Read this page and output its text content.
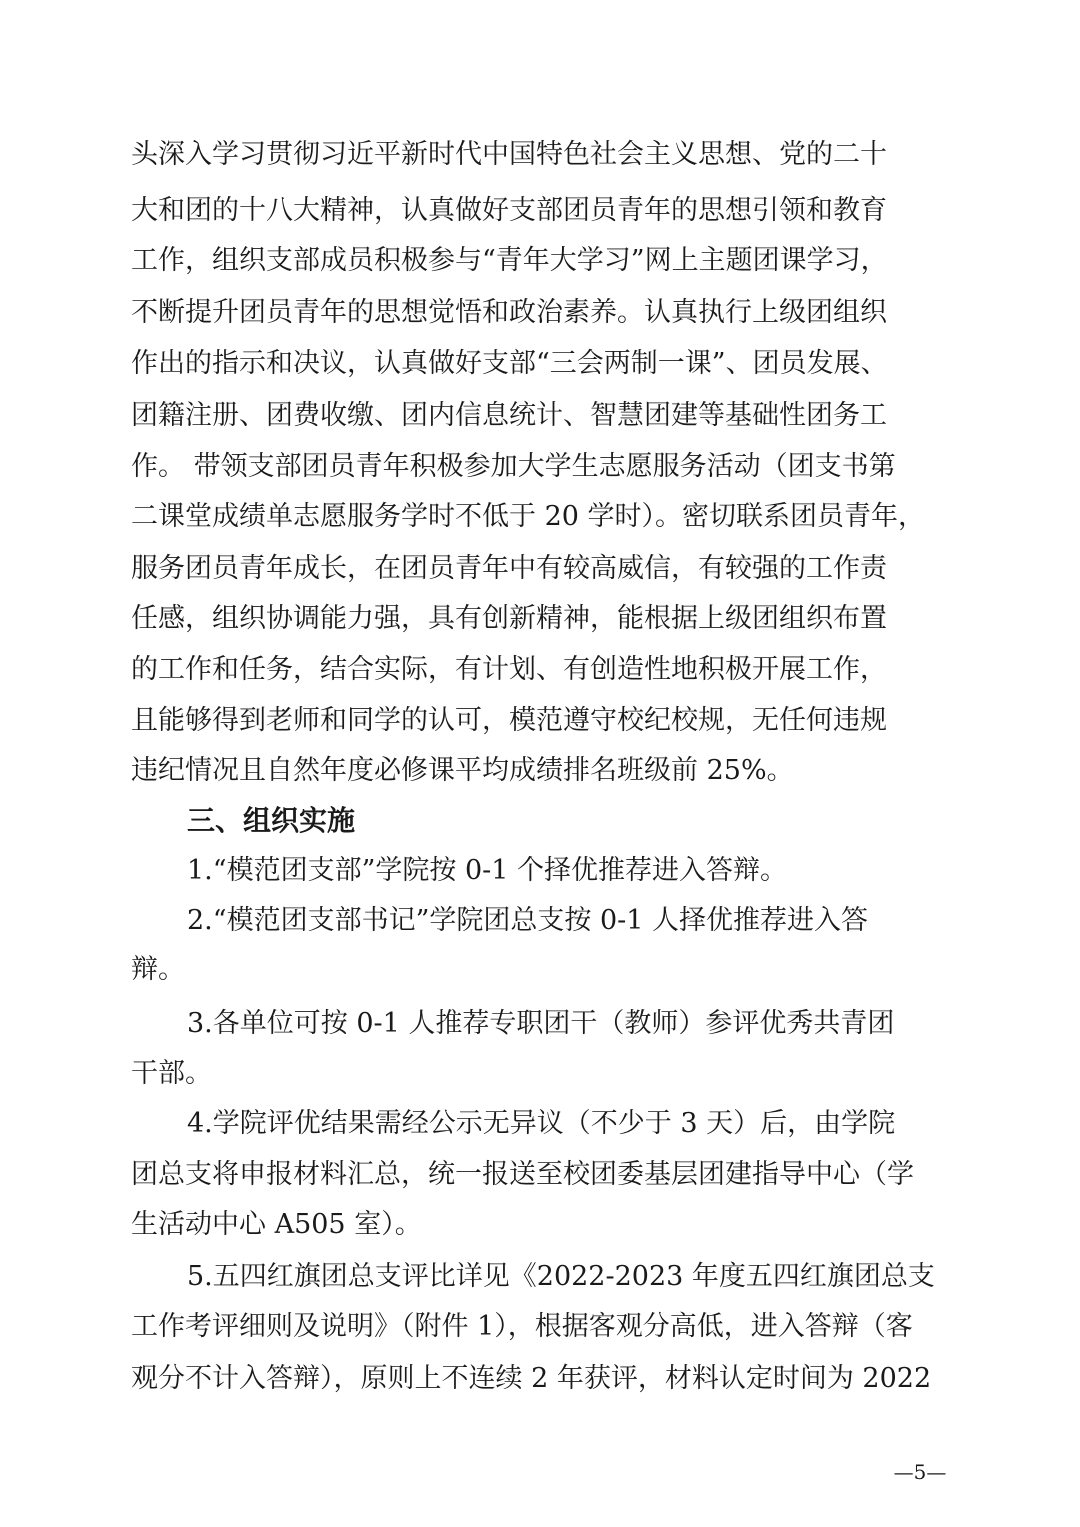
头深入学习贯彻习近平新时代中国特色社会主义思想、党的二十
大和团的十八大精神，认真做好支部团员青年的思想引领和教育
工作，组织支部成员积极参与“青年大学习”网上主题团课学习，
不断提升团员青年的思想觉悟和政治素养。认真执行上级团组织
作出的指示和决议，认真做好支部“三会两制一课”、团员发展、
团籍注册、团费收缴、团内信息统计、智慧团建等基础性团务工
作。 带领支部团员青年积极参加大学生志愿服务活动（团支书第
二课堂成绩单志愿服务学时不低于 20 学时）。密切联系团员青年，
服务团员青年成长，在团员青年中有较高威信，有较强的工作责
任感，组织协调能力强，具有创新精神，能根据上级团组织布置
的工作和任务，结合实际，有计划、有创造性地积极开展工作，
且能够得到老师和同学的认可，模范遵守校纪校规，无任何违规
违纪情况且自然年度必修课平均成绩排名班级前 25%。
三、组织实施
1.“模范团支部”学院按 0-1 个择优推荐进入答辩。
2.“模范团支部书记”学院团总支按 0-1 人择优推荐进入答
辩。
3.各单位可按 0-1 人推荐专职团干（教师）参评优秀共青团
干部。
4.学院评优结果需经公示无异议（不少于 3 天）后，由学院
团总支将申报材料汇总，统一报送至校团委基层团建指导中心（学
生活动中心 A505 室）。
5.五四红旗团总支评比详见《2022-2023 年度五四红旗团总支
工作考评细则及说明》（附件 1），根据客观分高低，进入答辩（客
观分不计入答辩），原则上不连续 2 年获评，材料认定时间为 2022
—5—
